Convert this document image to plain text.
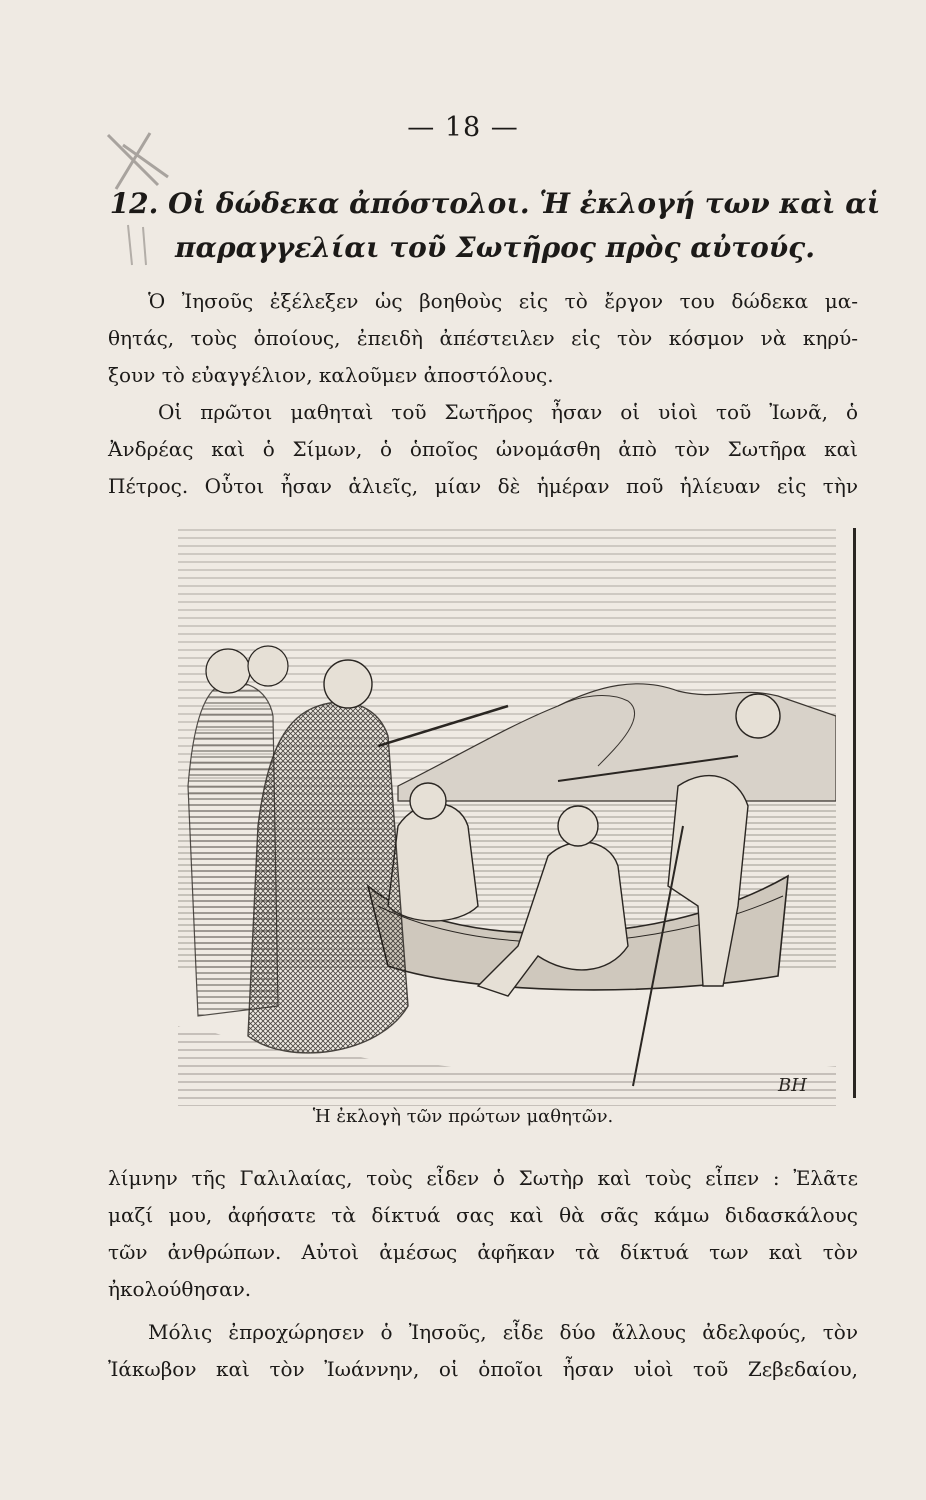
— 18 —
12. Οἱ δώδεκα ἀπόστολοι. Ἡ ἐκλογή των καὶ αἱ
παραγγελίαι τοῦ Σωτῆρος πρὸς αὐτούς.
Ὁ Ἰησοῦς ἐξέλεξεν ὡς βοηθοὺς εἰς τὸ ἔργον του δώδεκα μα-
θητάς, τοὺς ὁποίους, ἐπειδὴ ἀπέστειλεν εἰς τὸν κόσμον νὰ κηρύ-
ξουν τὸ εὐαγγέλιον, καλοῦμεν ἀποστόλους.
Οἱ πρῶτοι μαθηταὶ τοῦ Σωτῆρος ἦσαν οἱ υἱοὶ τοῦ Ἰωνᾶ, ὁ
Ἀνδρέας καὶ ὁ Σίμων, ὁ ὁποῖος ὠνομάσθη ἀπὸ τὸν Σωτῆρα καὶ
Πέτρος. Οὗτοι ἦσαν ἁλιεῖς, μίαν δὲ ἡμέραν ποῦ ἡλίευαν εἰς τὴν
BH
Ἡ ἐκλογὴ τῶν πρώτων μαθητῶν.
λίμνην τῆς Γαλιλαίας, τοὺς εἶδεν ὁ Σωτὴρ καὶ τοὺς εἶπεν : Ἐλᾶτε
μαζί μου, ἀφήσατε τὰ δίκτυά σας καὶ θὰ σᾶς κάμω διδασκάλους
τῶν ἀνθρώπων. Αὐτοὶ ἀμέσως ἀφῆκαν τὰ δίκτυά των καὶ τὸν
ἠκολούθησαν.
Μόλις ἐπροχώρησεν ὁ Ἰησοῦς, εἶδε δύο ἄλλους ἀδελφούς, τὸν
Ἰάκωβον καὶ τὸν Ἰωάννην, οἱ ὁποῖοι ἦσαν υἱοὶ τοῦ Ζεβεδαίου,
